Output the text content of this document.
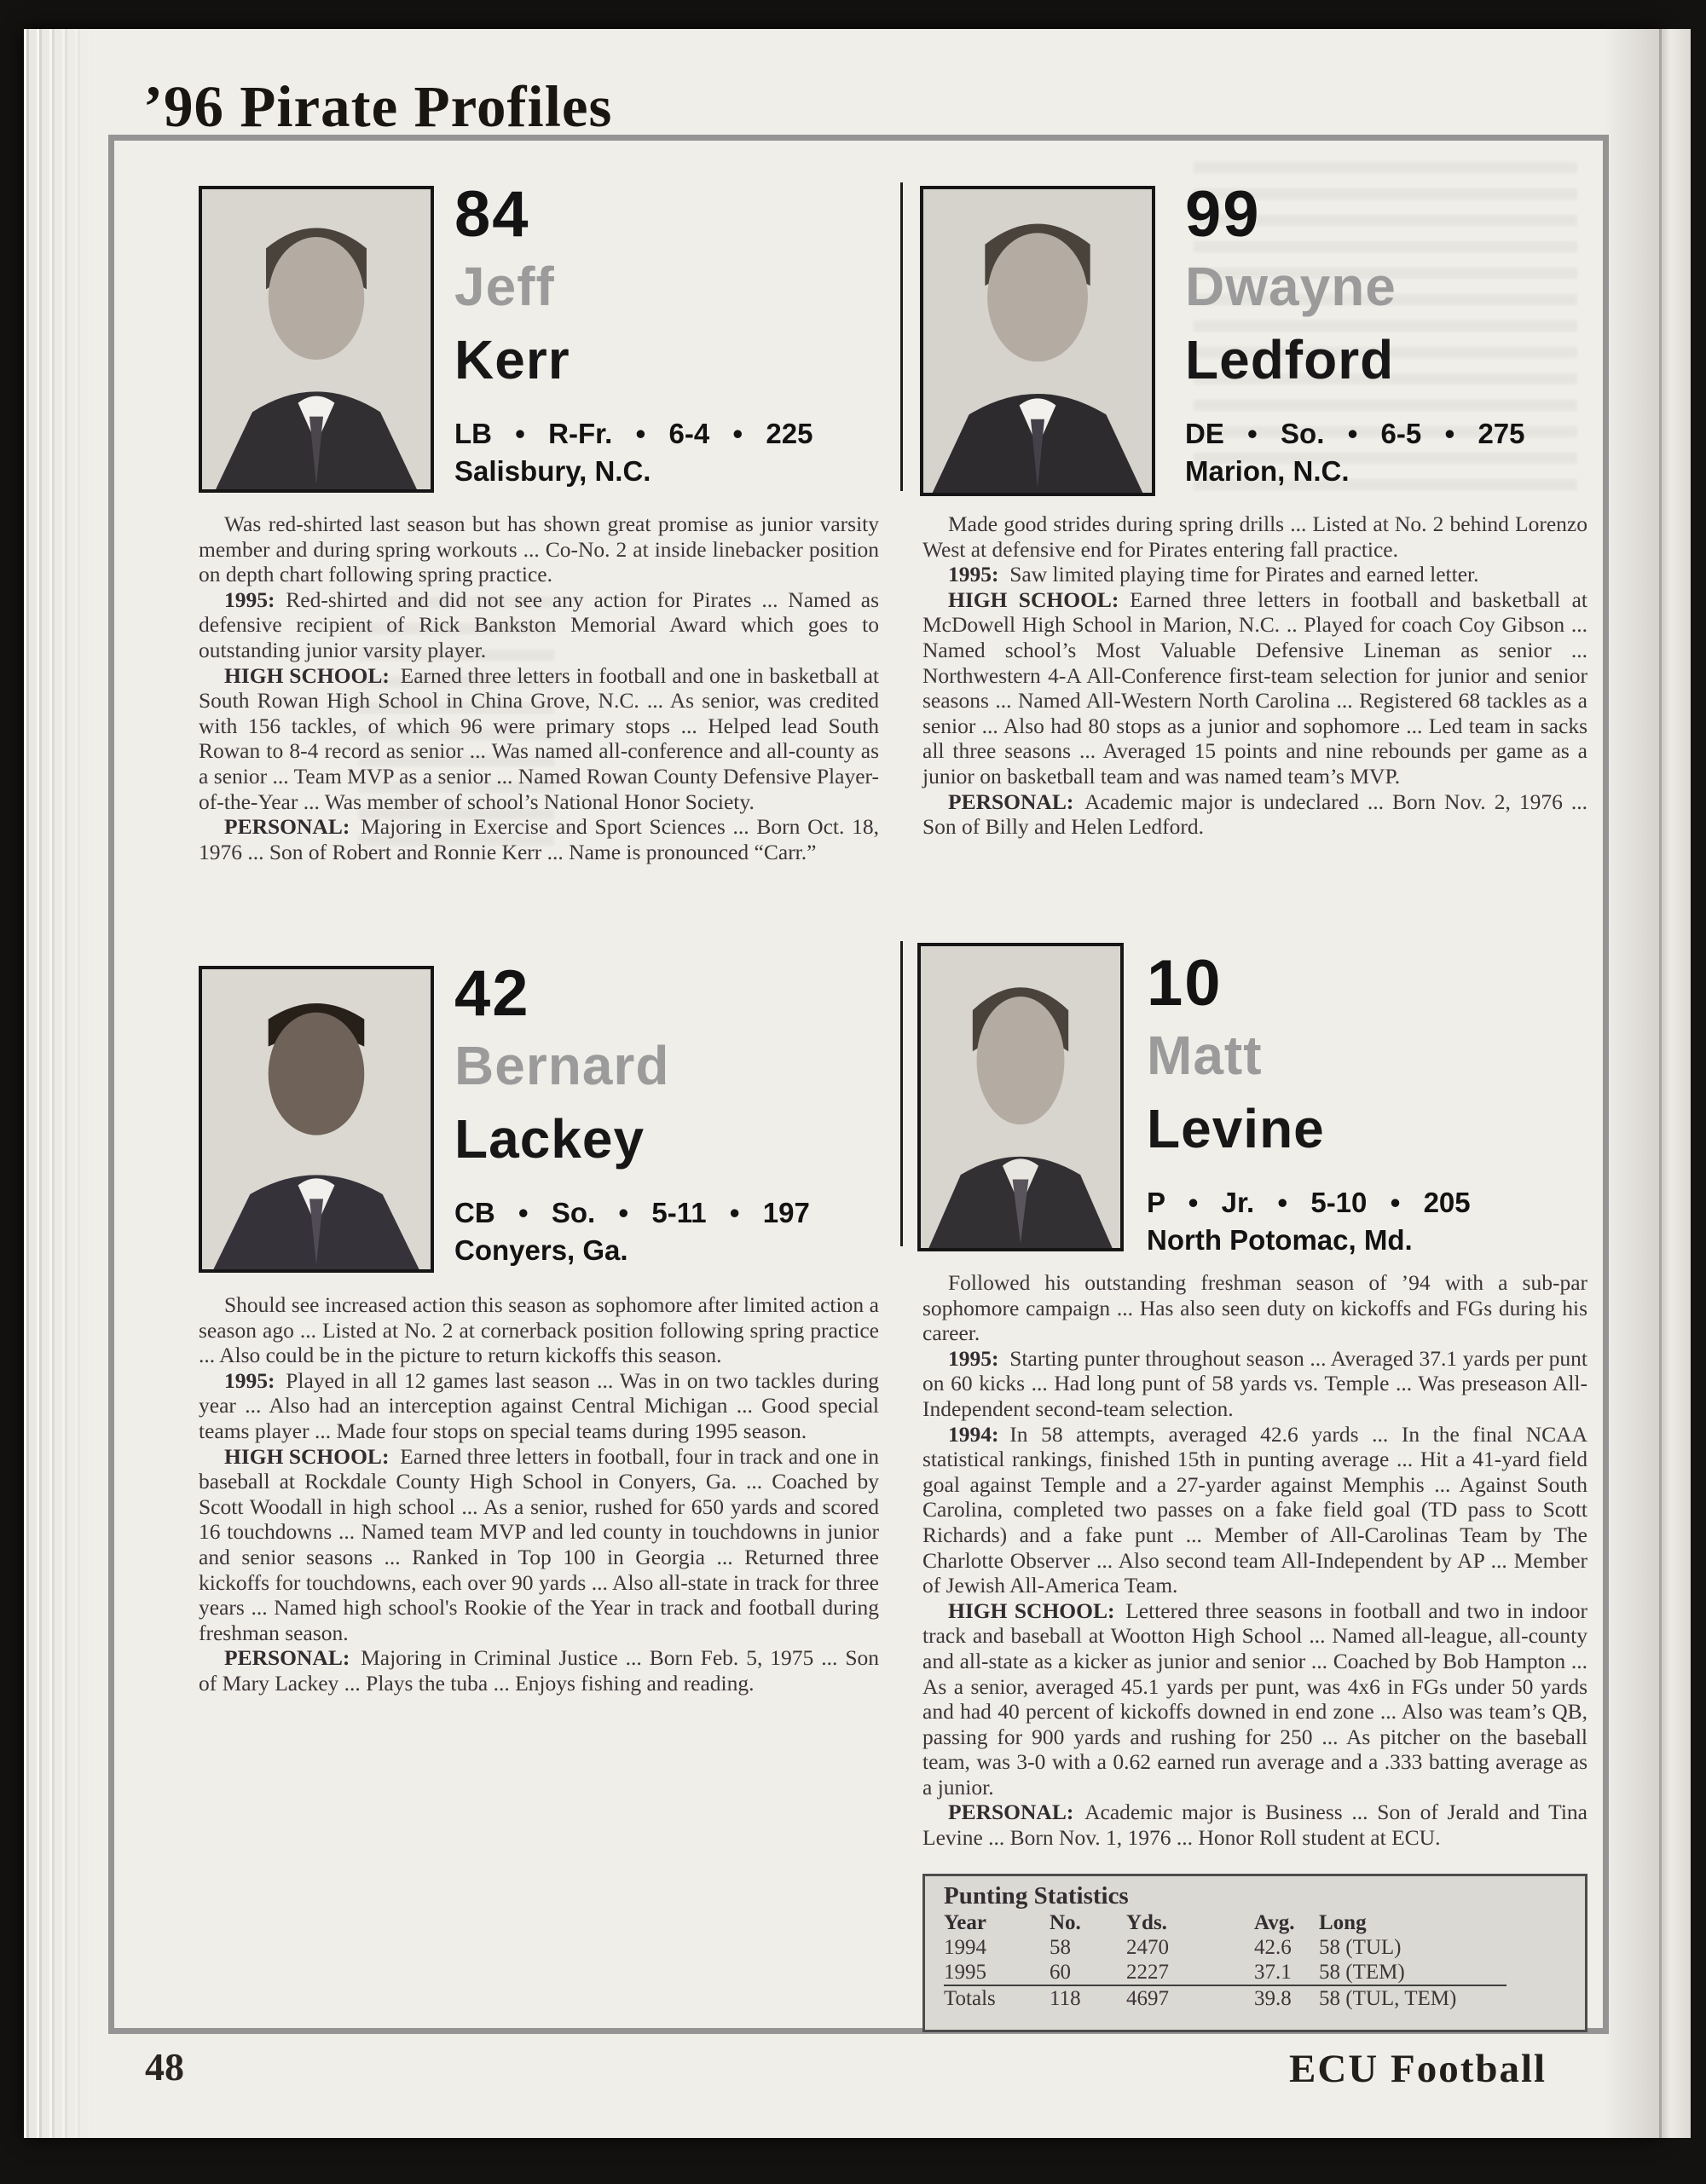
’96 Pirate Profiles
84
Jeff
Kerr
LB • R-Fr. • 6-4 • 225
Salisbury, N.C.

Was red-shirted last season but has shown great promise as junior varsity member and during spring workouts ... Co-No. 2 at inside linebacker position on depth chart following spring practice.

1995: Red-shirted and did not see any action for Pirates ... Named as defensive recipient of Rick Bankston Memorial Award which goes to outstanding junior varsity player.

HIGH SCHOOL: Earned three letters in football and one in basketball at South Rowan High School in China Grove, N.C. ... As senior, was credited with 156 tackles, of which 96 were primary stops ... Helped lead South Rowan to 8-4 record as senior ... Was named all-conference and all-county as a senior ... Team MVP as a senior ... Named Rowan County Defensive Player-of-the-Year ... Was member of school’s National Honor Society.

PERSONAL: Majoring in Exercise and Sport Sciences ... Born Oct. 18, 1976 ... Son of Robert and Ronnie Kerr ... Name is pronounced “Carr.”

99
Dwayne
Ledford
DE • So. • 6-5 • 275
Marion, N.C.

Made good strides during spring drills ... Listed at No. 2 behind Lorenzo West at defensive end for Pirates entering fall practice.

1995: Saw limited playing time for Pirates and earned letter.

HIGH SCHOOL: Earned three letters in football and basketball at McDowell High School in Marion, N.C. .. Played for coach Coy Gibson ... Named school’s Most Valuable Defensive Lineman as senior ... Northwestern 4-A All-Conference first-team selection for junior and senior seasons ... Named All-Western North Carolina ... Registered 68 tackles as a senior ... Also had 80 stops as a junior and sophomore ... Led team in sacks all three seasons ... Averaged 15 points and nine rebounds per game as a junior on basketball team and was named team’s MVP.

PERSONAL: Academic major is undeclared ... Born Nov. 2, 1976 ... Son of Billy and Helen Ledford.

42
Bernard
Lackey
CB • So. • 5-11 • 197
Conyers, Ga.

Should see increased action this season as sophomore after limited action a season ago ... Listed at No. 2 at cornerback position following spring practice ... Also could be in the picture to return kickoffs this season.

1995: Played in all 12 games last season ... Was in on two tackles during year ... Also had an interception against Central Michigan ... Good special teams player ... Made four stops on special teams during 1995 season.

HIGH SCHOOL: Earned three letters in football, four in track and one in baseball at Rockdale County High School in Conyers, Ga. ... Coached by Scott Woodall in high school ... As a senior, rushed for 650 yards and scored 16 touchdowns ... Named team MVP and led county in touchdowns in junior and senior seasons ... Ranked in Top 100 in Georgia ... Returned three kickoffs for touchdowns, each over 90 yards ... Also all-state in track for three years ... Named high school's Rookie of the Year in track and football during freshman season.

PERSONAL: Majoring in Criminal Justice ... Born Feb. 5, 1975 ... Son of Mary Lackey ... Plays the tuba ... Enjoys fishing and reading.

10
Matt
Levine
P • Jr. • 5-10 • 205
North Potomac, Md.

Followed his outstanding freshman season of ’94 with a sub-par sophomore campaign ... Has also seen duty on kickoffs and FGs during his career.

1995: Starting punter throughout season ... Averaged 37.1 yards per punt on 60 kicks ... Had long punt of 58 yards vs. Temple ... Was preseason All-Independent second-team selection.

1994: In 58 attempts, averaged 42.6 yards ... In the final NCAA statistical rankings, finished 15th in punting average ... Hit a 41-yard field goal against Temple and a 27-yarder against Memphis ... Against South Carolina, completed two passes on a fake field goal (TD pass to Scott Richards) and a fake punt ... Member of All-Carolinas Team by The Charlotte Observer ... Also second team All-Independent by AP ... Member of Jewish All-America Team.

HIGH SCHOOL: Lettered three seasons in football and two in indoor track and baseball at Wootton High School ... Named all-league, all-county and all-state as a kicker as junior and senior ... Coached by Bob Hampton ... As a senior, averaged 45.1 yards per punt, was 4x6 in FGs under 50 yards and had 40 percent of kickoffs downed in end zone ... Also was team’s QB, passing for 900 yards and rushing for 250 ... As pitcher on the baseball team, was 3-0 with a 0.62 earned run average and a .333 batting average as a junior.

PERSONAL: Academic major is Business ... Son of Jerald and Tina Levine ... Born Nov. 1, 1976 ... Honor Roll student at ECU.

Punting Statistics
Year	No.	Yds.	Avg.	Long
1994	58	2470	42.6	58 (TUL)
1995	60	2227	37.1	58 (TEM)
Totals	118	4697	39.8	58 (TUL, TEM)
48	ECU Football
